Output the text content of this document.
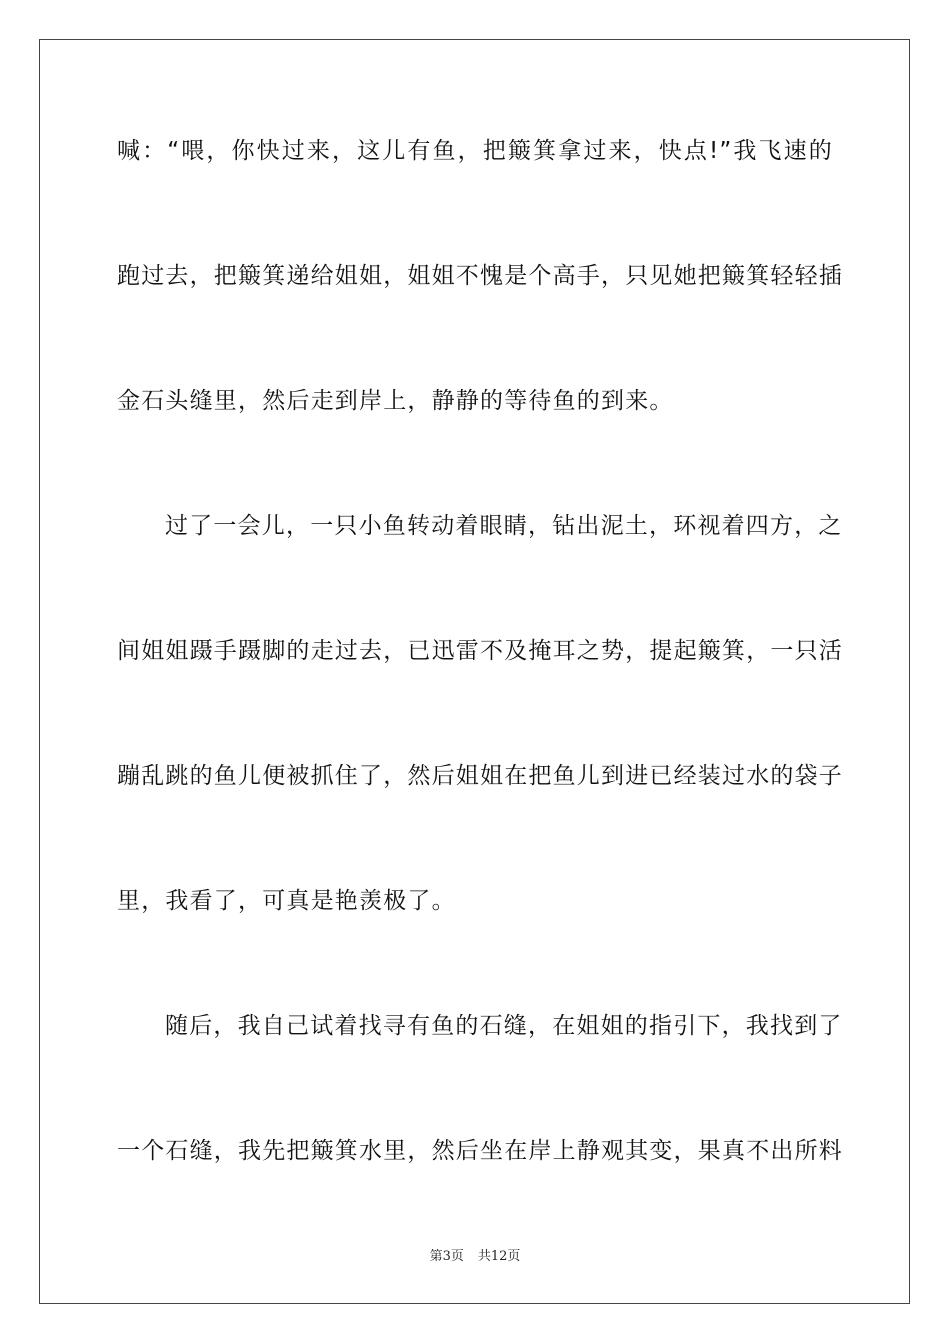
喊：“喂，你快过来，这儿有鱼，把簸箕拿过来，快点!”我飞速的
跑过去，把簸箕递给姐姐，姐姐不愧是个高手，只见她把簸箕轻轻插
金石头缝里，然后走到岸上，静静的等待鱼的到来。
过了一会儿，一只小鱼转动着眼睛，钻出泥土，环视着四方，之
间姐姐蹑手蹑脚的走过去，已迅雷不及掩耳之势，提起簸箕，一只活
蹦乱跳的鱼儿便被抓住了，然后姐姐在把鱼儿到进已经装过水的袋子
里，我看了，可真是艳羡极了。
随后，我自己试着找寻有鱼的石缝，在姐姐的指引下，我找到了
一个石缝，我先把簸箕水里，然后坐在岸上静观其变，果真不出所料
第3页 共12页
